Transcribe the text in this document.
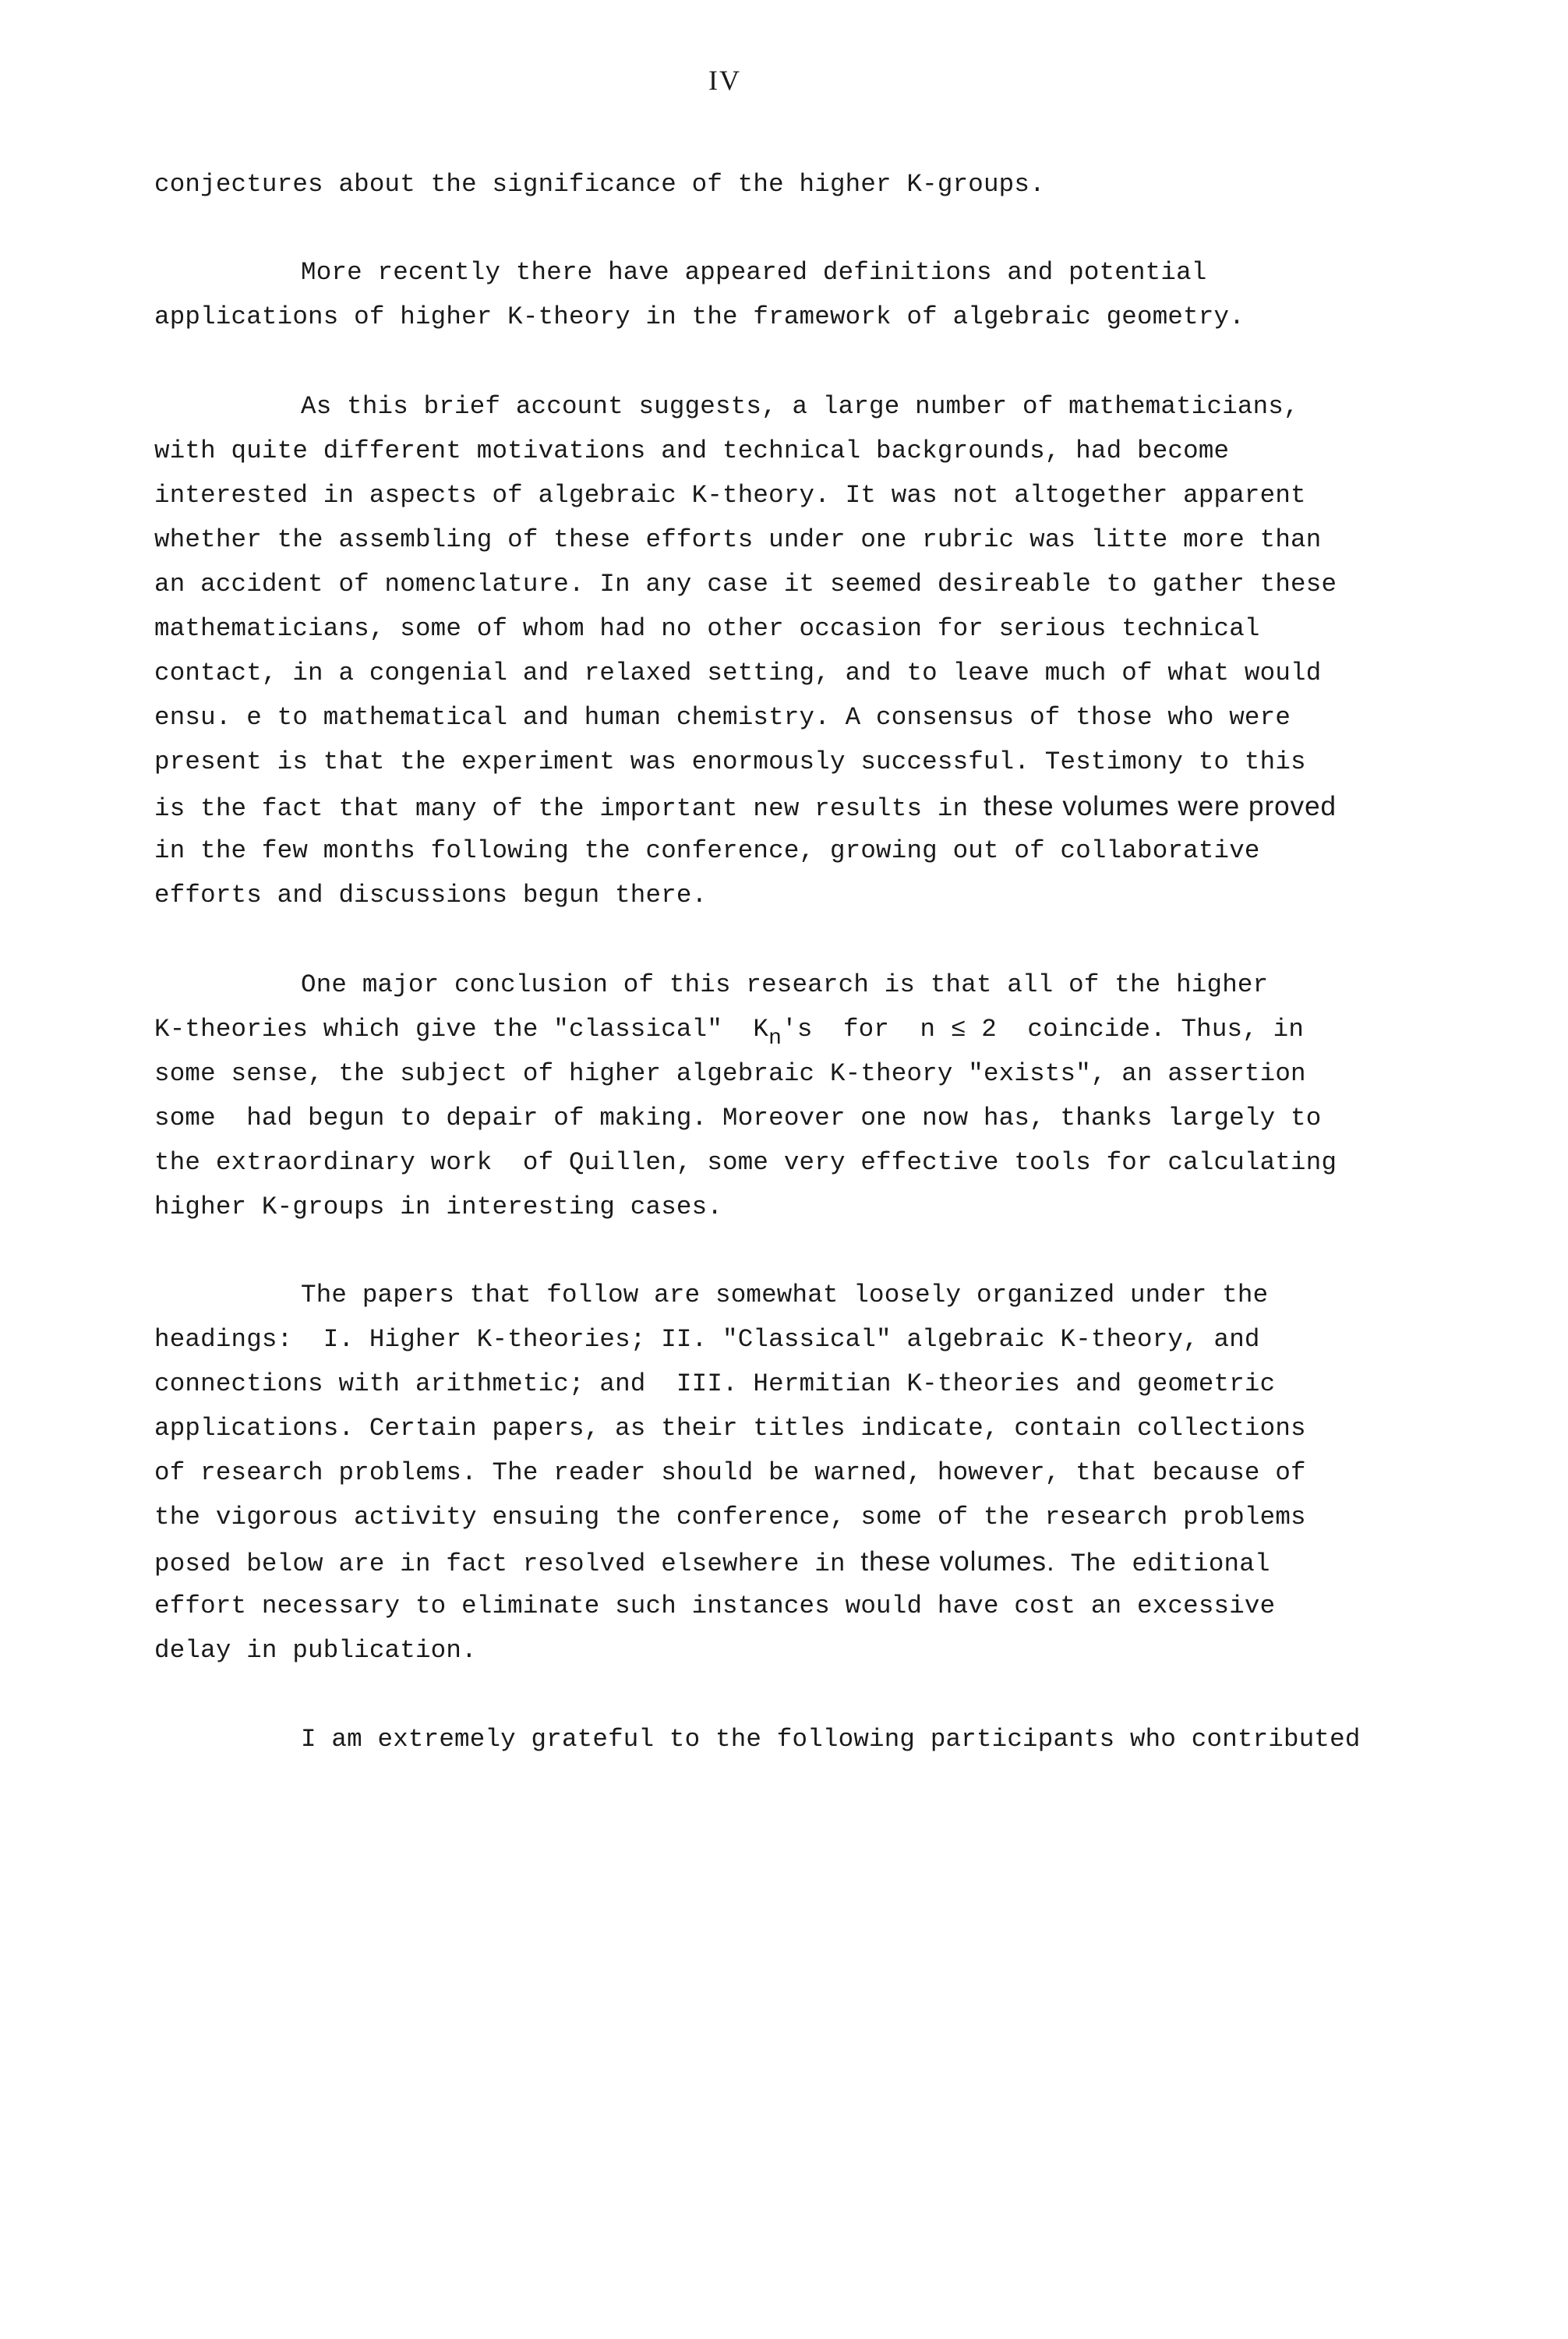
IV
conjectures about the significance of the higher K-groups.
More recently there have appeared definitions and potential
applications of higher K-theory in the framework of algebraic geometry.
As this brief account suggests, a large number of mathematicians,
with quite different motivations and technical backgrounds, had become
interested in aspects of algebraic K-theory. It was not altogether apparent
whether the assembling of these efforts under one rubric was litte more than
an accident of nomenclature. In any case it seemed desireable to gather these
mathematicians, some of whom had no other occasion for serious technical
contact, in a congenial and relaxed setting, and to leave much of what would
ensu. e to mathematical and human chemistry. A consensus of those who were
present is that the experiment was enormously successful. Testimony to this
is the fact that many of the important new results in these volumes were proved
in the few months following the conference, growing out of collaborative
efforts and discussions begun there.
One major conclusion of this research is that all of the higher
K-theories which give the "classical"  Kn's  for  n ≤ 2  coincide. Thus, in
some sense, the subject of higher algebraic K-theory "exists", an assertion
some  had begun to depair of making. Moreover one now has, thanks largely to
the extraordinary work  of Quillen, some very effective tools for calculating
higher K-groups in interesting cases.
The papers that follow are somewhat loosely organized under the
headings:  I. Higher K-theories; II. "Classical" algebraic K-theory, and
connections with arithmetic; and  III. Hermitian K-theories and geometric
applications. Certain papers, as their titles indicate, contain collections
of research problems. The reader should be warned, however, that because of
the vigorous activity ensuing the conference, some of the research problems
posed below are in fact resolved elsewhere in these volumes. The editional
effort necessary to eliminate such instances would have cost an excessive
delay in publication.
I am extremely grateful to the following participants who contributed
